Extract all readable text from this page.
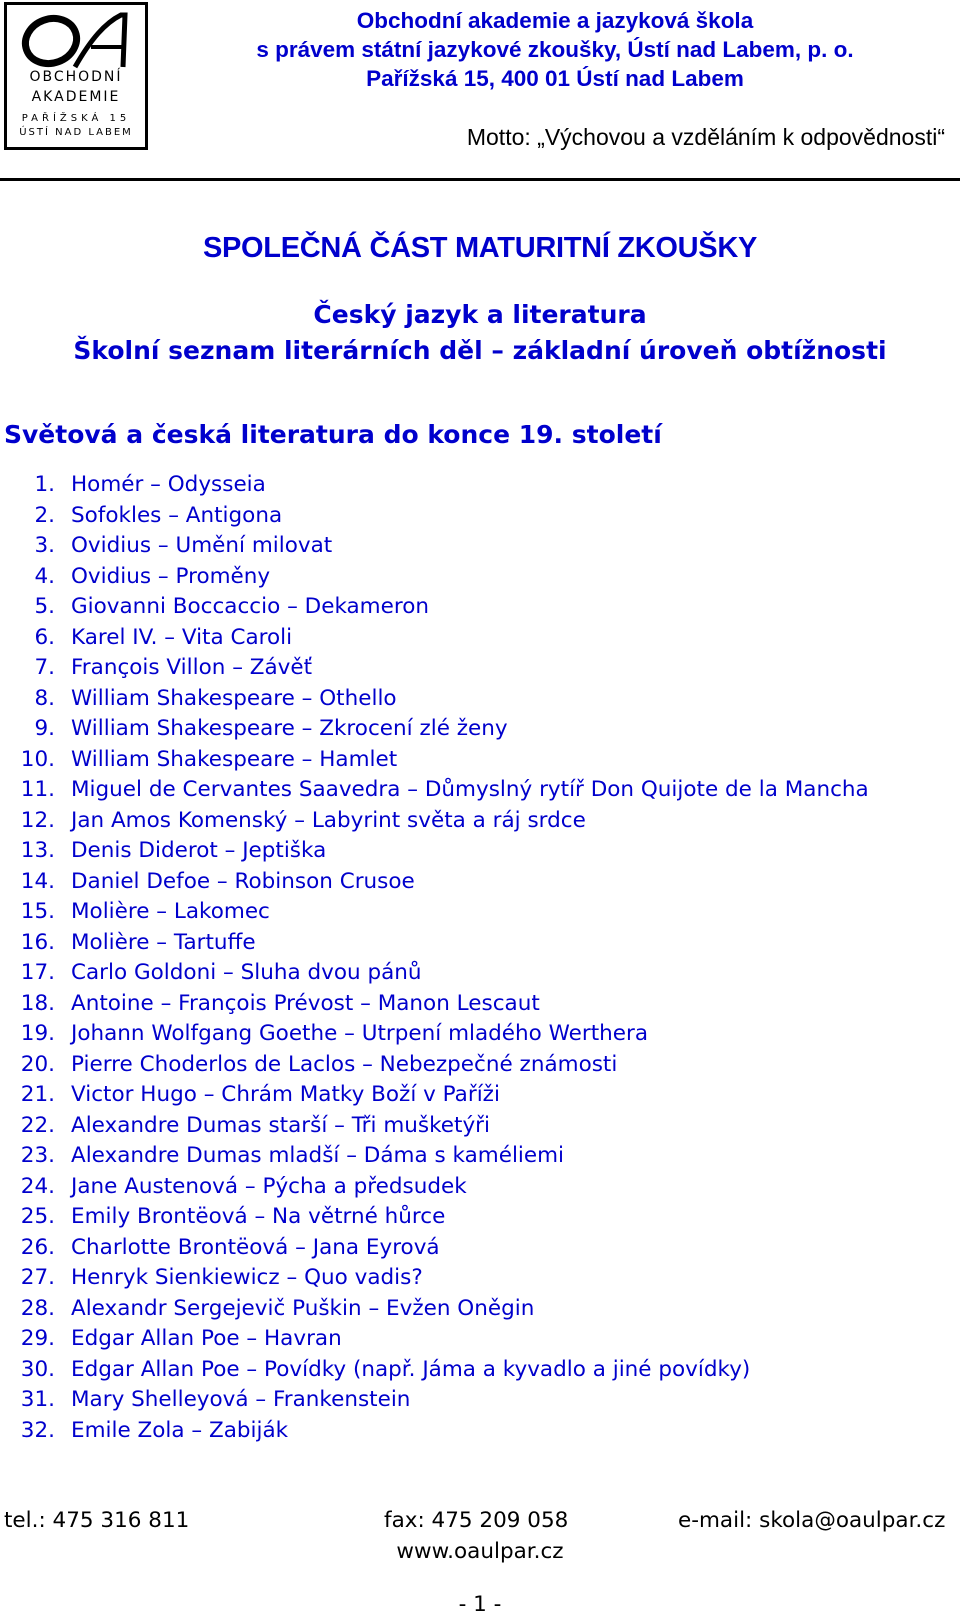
OBCHODNÍ
AKADEMIE
PAŘÍŽSKÁ 15
ÚSTÍ NAD LABEM
Obchodní akademie a jazyková škola
s právem státní jazykové zkoušky, Ústí nad Labem, p. o.
Pařížská 15, 400 01 Ústí nad Labem
Motto: „Výchovou a vzděláním k odpovědnosti“
SPOLEČNÁ ČÁST MATURITNÍ ZKOUŠKY
Český jazyk a literatura
Školní seznam literárních děl – základní úroveň obtížnosti
Světová a česká literatura do konce 19. století
1. Homér – Odysseia
2. Sofokles – Antigona
3. Ovidius – Umění milovat
4. Ovidius – Proměny
5. Giovanni Boccaccio – Dekameron
6. Karel IV. – Vita Caroli
7. François Villon – Závěť
8. William Shakespeare – Othello
9. William Shakespeare – Zkrocení zlé ženy
10. William Shakespeare – Hamlet
11. Miguel de Cervantes Saavedra – Důmyslný rytíř Don Quijote de la Mancha
12. Jan Amos Komenský – Labyrint světa a ráj srdce
13. Denis Diderot – Jeptiška
14. Daniel Defoe – Robinson Crusoe
15. Molière – Lakomec
16. Molière – Tartuffe
17. Carlo Goldoni – Sluha dvou pánů
18. Antoine – François Prévost – Manon Lescaut
19. Johann Wolfgang Goethe – Utrpení mladého Werthera
20. Pierre Choderlos de Laclos – Nebezpečné známosti
21. Victor Hugo – Chrám Matky Boží v Paříži
22. Alexandre Dumas starší – Tři mušketýři
23. Alexandre Dumas mladší – Dáma s kaméliemi
24. Jane Austenová – Pýcha a předsudek
25. Emily Brontëová – Na větrné hůrce
26. Charlotte Brontëová – Jana Eyrová
27. Henryk Sienkiewicz – Quo vadis?
28. Alexandr Sergejevič Puškin – Evžen Oněgin
29. Edgar Allan Poe – Havran
30. Edgar Allan Poe – Povídky (např. Jáma a kyvadlo a jiné povídky)
31. Mary Shelleyová – Frankenstein
32. Emile Zola – Zabiják
tel.: 475 316 811	fax: 475 209 058	e-mail: skola@oaulpar.cz
www.oaulpar.cz
- 1 -
